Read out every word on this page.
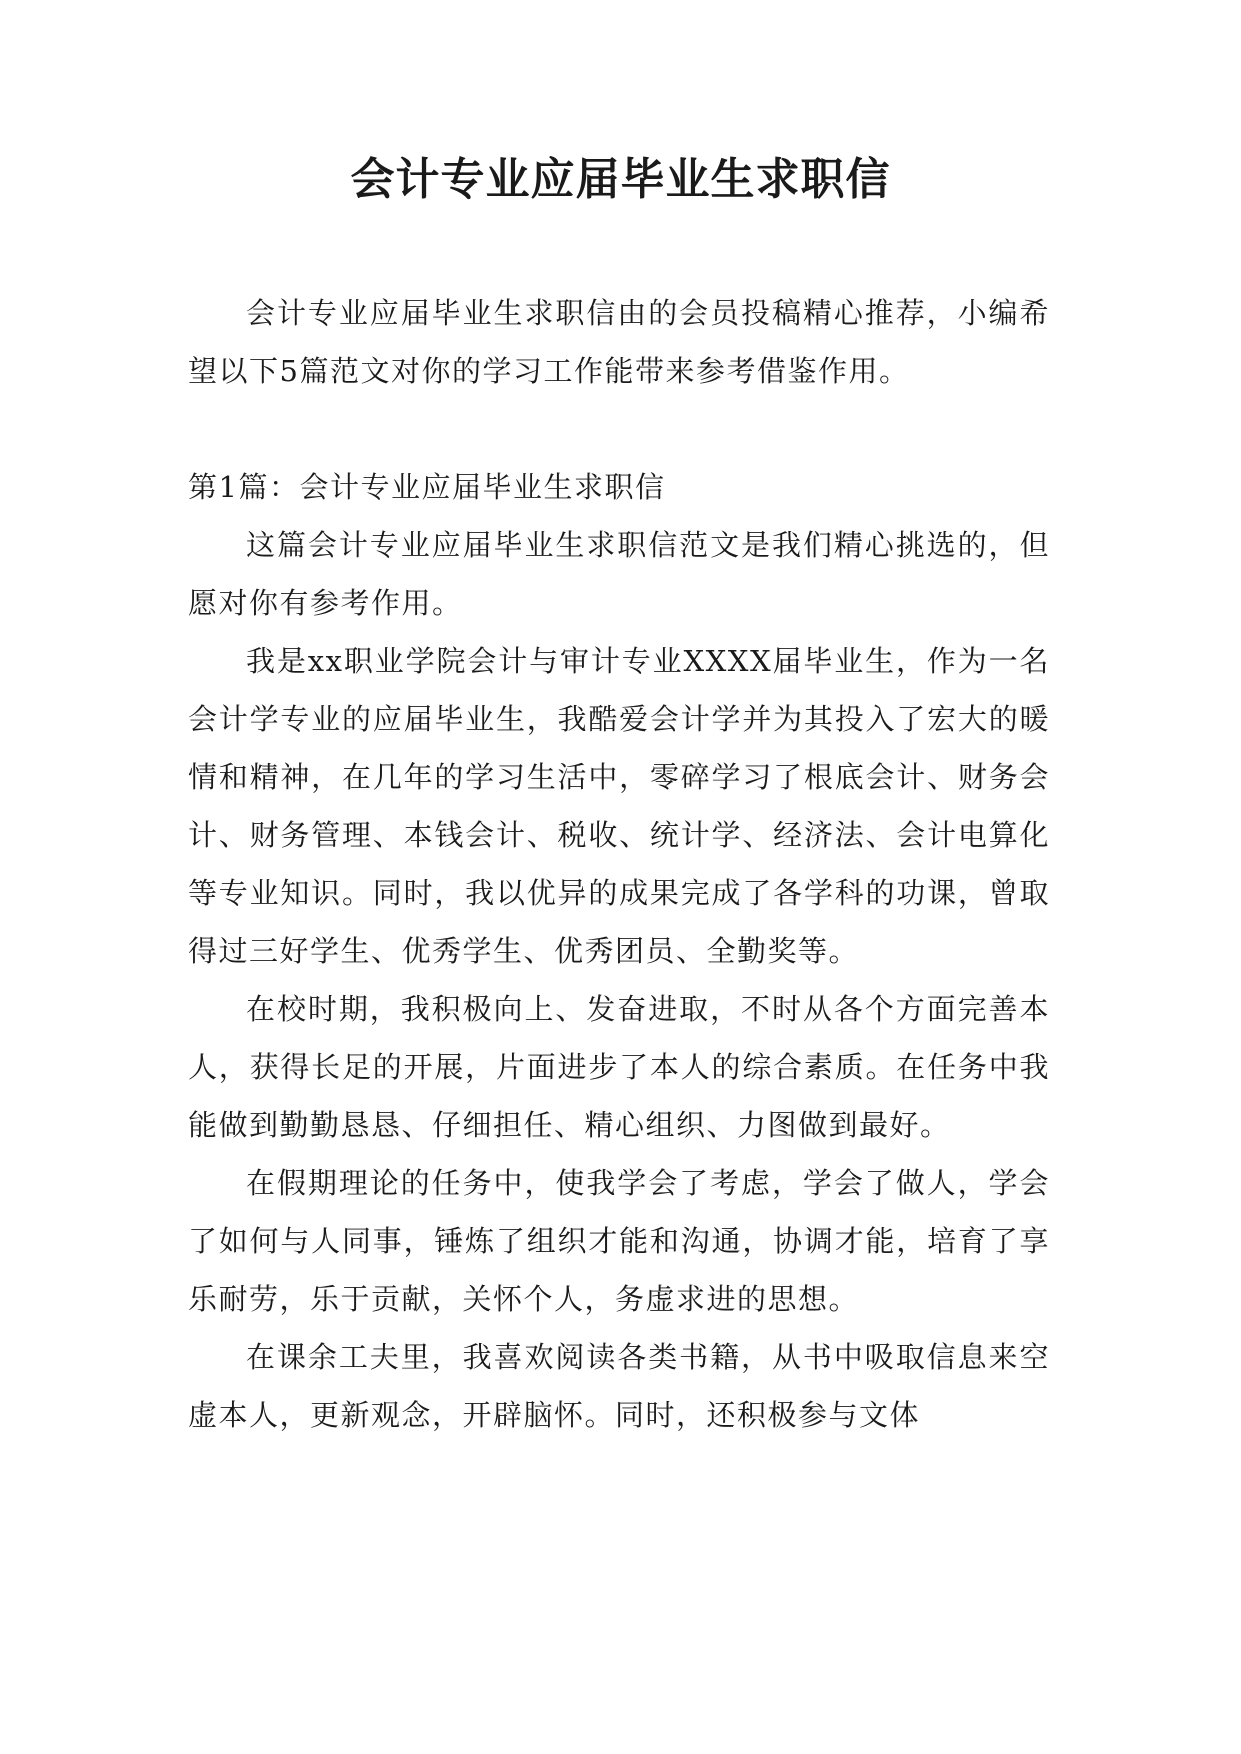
会计专业应届毕业生求职信

会计专业应届毕业生求职信由的会员投稿精心推荐，小编希望以下5篇范文对你的学习工作能带来参考借鉴作用。

第1篇：会计专业应届毕业生求职信

这篇会计专业应届毕业生求职信范文是我们精心挑选的，但愿对你有参考作用。

我是xx职业学院会计与审计专业XXXX届毕业生，作为一名会计学专业的应届毕业生，我酷爱会计学并为其投入了宏大的暖情和精神，在几年的学习生活中，零碎学习了根底会计、财务会计、财务管理、本钱会计、税收、统计学、经济法、会计电算化等专业知识。同时，我以优异的成果完成了各学科的功课，曾取得过三好学生、优秀学生、优秀团员、全勤奖等。

在校时期，我积极向上、发奋进取，不时从各个方面完善本人，获得长足的开展，片面进步了本人的综合素质。在任务中我能做到勤勤恳恳、仔细担任、精心组织、力图做到最好。

在假期理论的任务中，使我学会了考虑，学会了做人，学会了如何与人同事，锤炼了组织才能和沟通，协调才能，培育了享乐耐劳，乐于贡献，关怀个人，务虚求进的思想。

在课余工夫里，我喜欢阅读各类书籍，从书中吸取信息来空虚本人，更新观念，开辟脑怀。同时，还积极参与文体
